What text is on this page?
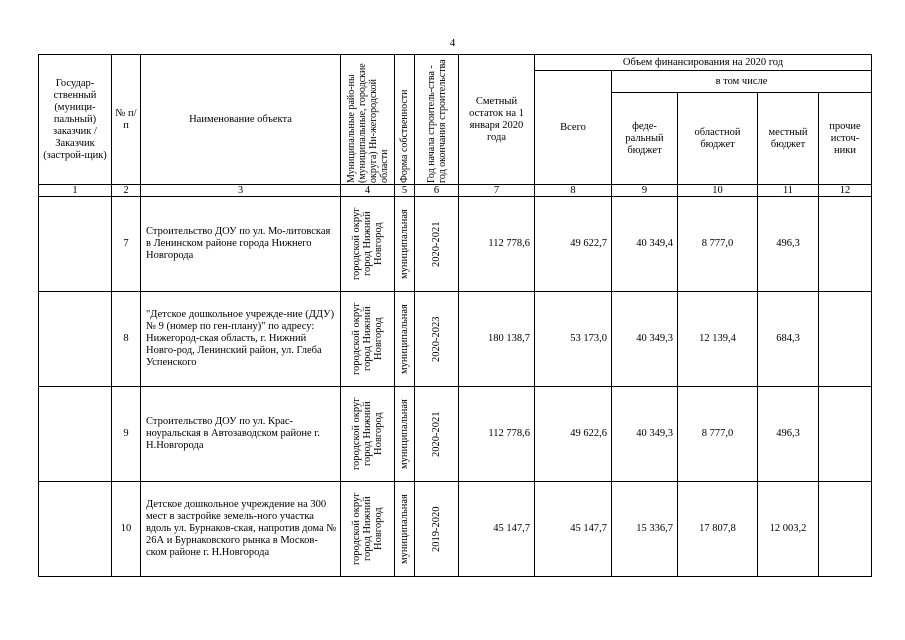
4
Государ-ственный (муници-пальный) заказчик / Заказчик (застрой-щик)	№ п/п	Наименование объекта	Муниципальные райо-ны (муниципальные, городские округа) Ни-жегородской области	Форма собственности	Год начала строитель-ства - год окончания строительства	Сметный остаток на 1 января 2020 года	Объем финансирования на 2020 год				
							Всего	в том числе			
								феде-ральный бюджет	областной бюджет	местный бюджет	прочие источ-ники
1	2	3	4	5	6	7	8	9	10	11	12
	7	Строительство ДОУ по ул. Мо-литовская в Ленинском районе города Нижнего Новгорода	городской округ город Нижний Новгород	муниципальная	2020-2021	112 778,6	49 622,7	40 349,4	8 777,0	496,3	
	8	"Детское дошкольное учрежде-ние (ДДУ) № 9 (номер по ген-плану)" по адресу: Нижегород-ская область, г. Нижний Новго-род, Ленинский район, ул. Глеба Успенского	городской округ город Нижний Новгород	муниципальная	2020-2023	180 138,7	53 173,0	40 349,3	12 139,4	684,3	
	9	Строительство ДОУ по ул. Крас-ноуральская в Автозаводском районе г. Н.Новгорода	городской округ город Нижний Новгород	муниципальная	2020-2021	112 778,6	49 622,6	40 349,3	8 777,0	496,3	
	10	Детское дошкольное учреждение на 300 мест в застройке земель-ного участка вдоль ул. Бурнаков-ская, напротив дома № 26А и Бурнаковского рынка в Москов-ском районе г. Н.Новгорода	городской округ город Нижний Новгород	муниципальная	2019-2020	45 147,7	45 147,7	15 336,7	17 807,8	12 003,2	
